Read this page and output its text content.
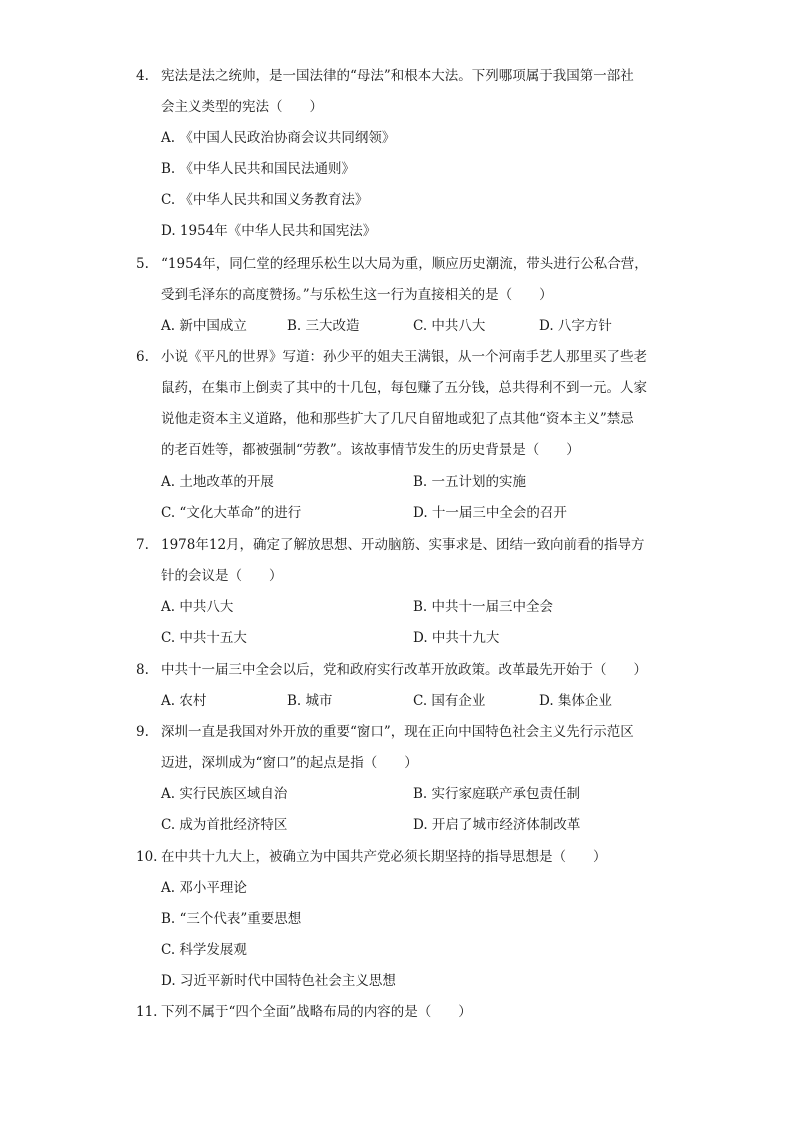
4. 宪法是法之统帅，是一国法律的“母法”和根本大法。下列哪项属于我国第一部社
会主义类型的宪法（　　）
A. 《中国人民政治协商会议共同纲领》
B. 《中华人民共和国民法通则》
C. 《中华人民共和国义务教育法》
D. 1954年《中华人民共和国宪法》
5. “1954年，同仁堂的经理乐松生以大局为重，顺应历史潮流，带头进行公私合营，
受到毛泽东的高度赞扬。”与乐松生这一行为直接相关的是（　　）
A. 新中国成立	B. 三大改造	C. 中共八大	D. 八字方针
6. 小说《平凡的世界》写道：孙少平的姐夫王满银，从一个河南手艺人那里买了些老
鼠药，在集市上倒卖了其中的十几包，每包赚了五分钱，总共得利不到一元。人家
说他走资本主义道路，他和那些扩大了几尺自留地或犯了点其他“资本主义”禁忌
的老百姓等，都被强制“劳教”。该故事情节发生的历史背景是（　　）
A. 土地改革的开展	B. 一五计划的实施
C. “文化大革命”的进行	D. 十一届三中全会的召开
7. 1978年12月，确定了解放思想、开动脑筋、实事求是、团结一致向前看的指导方
针的会议是（　　）
A. 中共八大	B. 中共十一届三中全会
C. 中共十五大	D. 中共十九大
8. 中共十一届三中全会以后，党和政府实行改革开放政策。改革最先开始于（　　）
A. 农村	B. 城市	C. 国有企业	D. 集体企业
9. 深圳一直是我国对外开放的重要“窗口”，现在正向中国特色社会主义先行示范区
迈进，深圳成为“窗口”的起点是指（　　）
A. 实行民族区域自治	B. 实行家庭联产承包责任制
C. 成为首批经济特区	D. 开启了城市经济体制改革
10. 在中共十九大上，被确立为中国共产党必须长期坚持的指导思想是（　　）
A. 邓小平理论
B. “三个代表”重要思想
C. 科学发展观
D. 习近平新时代中国特色社会主义思想
11. 下列不属于“四个全面”战略布局的内容的是（　　）
